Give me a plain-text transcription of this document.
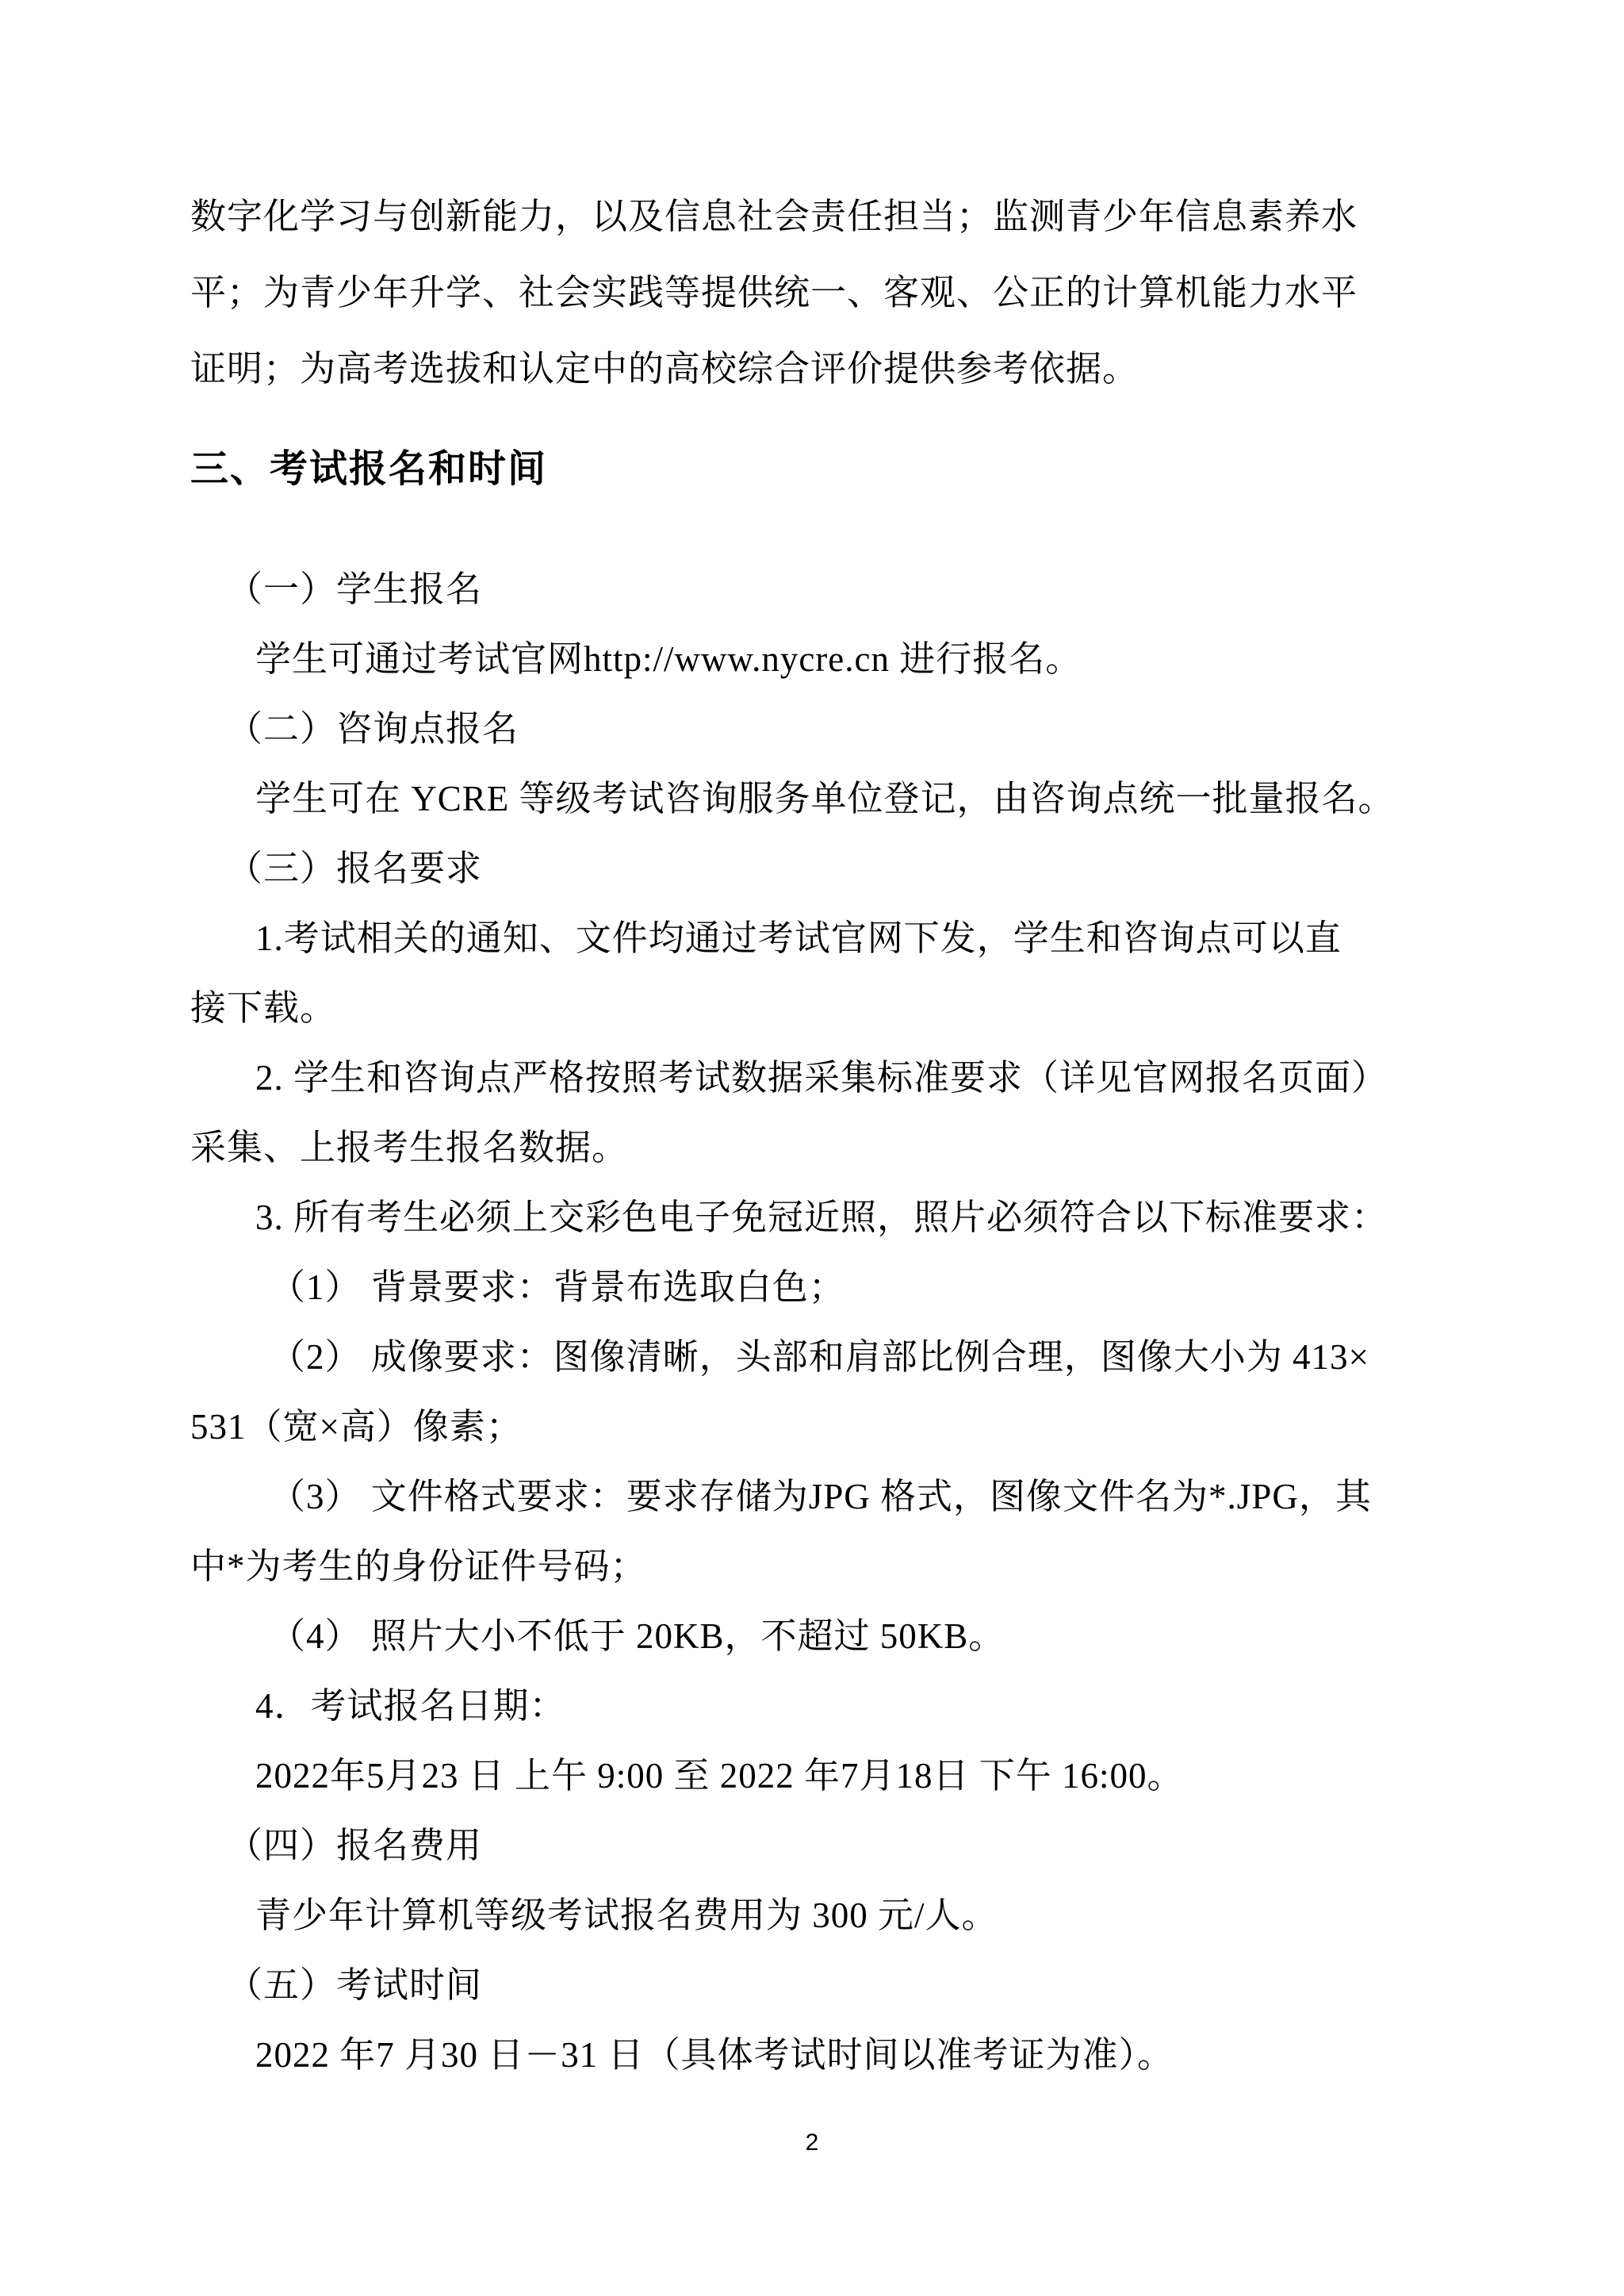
数字化学习与创新能力，以及信息社会责任担当；监测青少年信息素养水
平；为青少年升学、社会实践等提供统一、客观、公正的计算机能力水平
证明；为高考选拔和认定中的高校综合评价提供参考依据。
三、考试报名和时间
（一）学生报名
学生可通过考试官网http://www.nycre.cn 进行报名。
（二）咨询点报名
学生可在 YCRE 等级考试咨询服务单位登记，由咨询点统一批量报名。
（三）报名要求
1.考试相关的通知、文件均通过考试官网下发，学生和咨询点可以直
接下载。
2. 学生和咨询点严格按照考试数据采集标准要求（详见官网报名页面）
采集、上报考生报名数据。
3. 所有考生必须上交彩色电子免冠近照，照片必须符合以下标准要求：
（1） 背景要求：背景布选取白色；
（2） 成像要求：图像清晰，头部和肩部比例合理，图像大小为 413×
531（宽×高）像素；
（3） 文件格式要求：要求存储为JPG 格式，图像文件名为*.JPG，其
中*为考生的身份证件号码；
（4） 照片大小不低于 20KB，不超过 50KB。
4．考试报名日期：
2022年5月23 日 上午 9:00 至 2022 年7月18日 下午 16:00。
（四）报名费用
青少年计算机等级考试报名费用为 300 元/人。
（五）考试时间
2022 年7 月30 日－31 日（具体考试时间以准考证为准）。
2
